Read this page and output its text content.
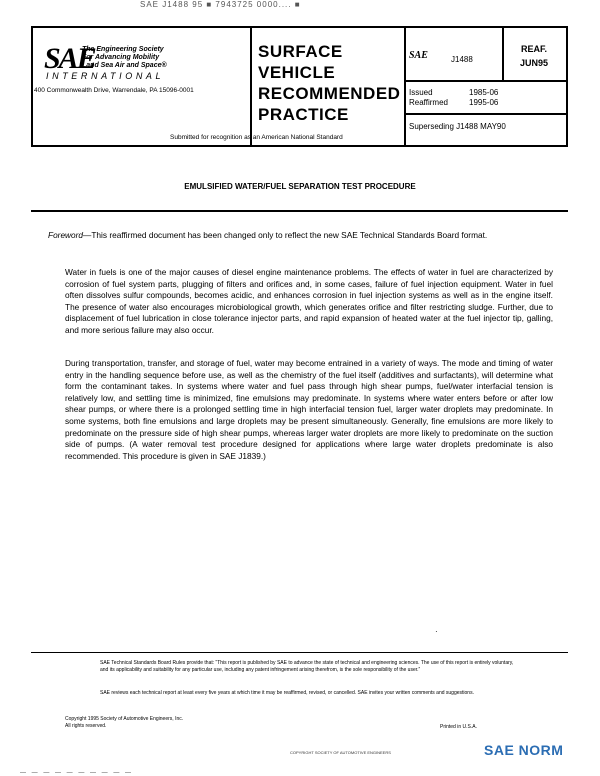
SAE J1488 95 ■ 7943725 0000.... ■
SAE
The Engineering Society
For Advancing Mobility
Land Sea Air and Space®
INTERNATIONAL
400 Commonwealth Drive, Warrendale, PA 15096-0001
SURFACE
VEHICLE
RECOMMENDED
PRACTICE
SAE	J1488
REAF.
JUN95
Issued	1985-06
Reaffirmed	1995-06
Superseding J1488 MAY90
Submitted for recognition as an American National Standard
EMULSIFIED WATER/FUEL SEPARATION TEST PROCEDURE
Foreword—This reaffirmed document has been changed only to reflect the new SAE Technical Standards Board format.
Water in fuels is one of the major causes of diesel engine maintenance problems. The effects of water in fuel are characterized by corrosion of fuel system parts, plugging of filters and orifices and, in some cases, failure of fuel injection equipment. Water in fuel often dissolves sulfur compounds, becomes acidic, and enhances corrosion in fuel injection systems as well as in the engine itself. The presence of water also encourages microbiological growth, which generates orifice and filter restricting sludge. Further, due to displacement of fuel lubrication in close tolerance injector parts, and rapid expansion of heated water at the fuel injector tip, galling, and more serious failure may also occur.
During transportation, transfer, and storage of fuel, water may become entrained in a variety of ways. The mode and timing of water entry in the handling sequence before use, as well as the chemistry of the fuel itself (additives and surfactants), will determine what form the contaminant takes. In systems where water and fuel pass through high shear pumps, fuel/water interfacial tension is relatively low, and settling time is minimized, fine emulsions may predominate. In systems where water enters before or after low shear pumps, or where there is a prolonged settling time in high interfacial tension fuel, larger water droplets may predominate. In some systems, both fine emulsions and large droplets may be present simultaneously. Generally, fine emulsions are more likely to predominate on the pressure side of high shear pumps, whereas larger water droplets are more likely to predominate on the suction side of pumps. (A water removal test procedure designed for applications where large water droplets predominate is also recommended. This procedure is given in SAE J1839.)
·
SAE Technical Standards Board Rules provide that: “This report is published by SAE to advance the state of technical and engineering sciences. The use of this report is entirely voluntary, and its applicability and suitability for any particular use, including any patent infringement arising therefrom, is the sole responsibility of the user.”
SAE reviews each technical report at least every five years at which time it may be reaffirmed, revised, or cancelled. SAE invites your written comments and suggestions.
Copyright 1995 Society of Automotive Engineers, Inc.
All rights reserved.	Printed in U.S.A.
COPYRIGHT SOCIETY OF AUTOMOTIVE ENGINEERS	SAE NORM
— — — — — — — — — —
